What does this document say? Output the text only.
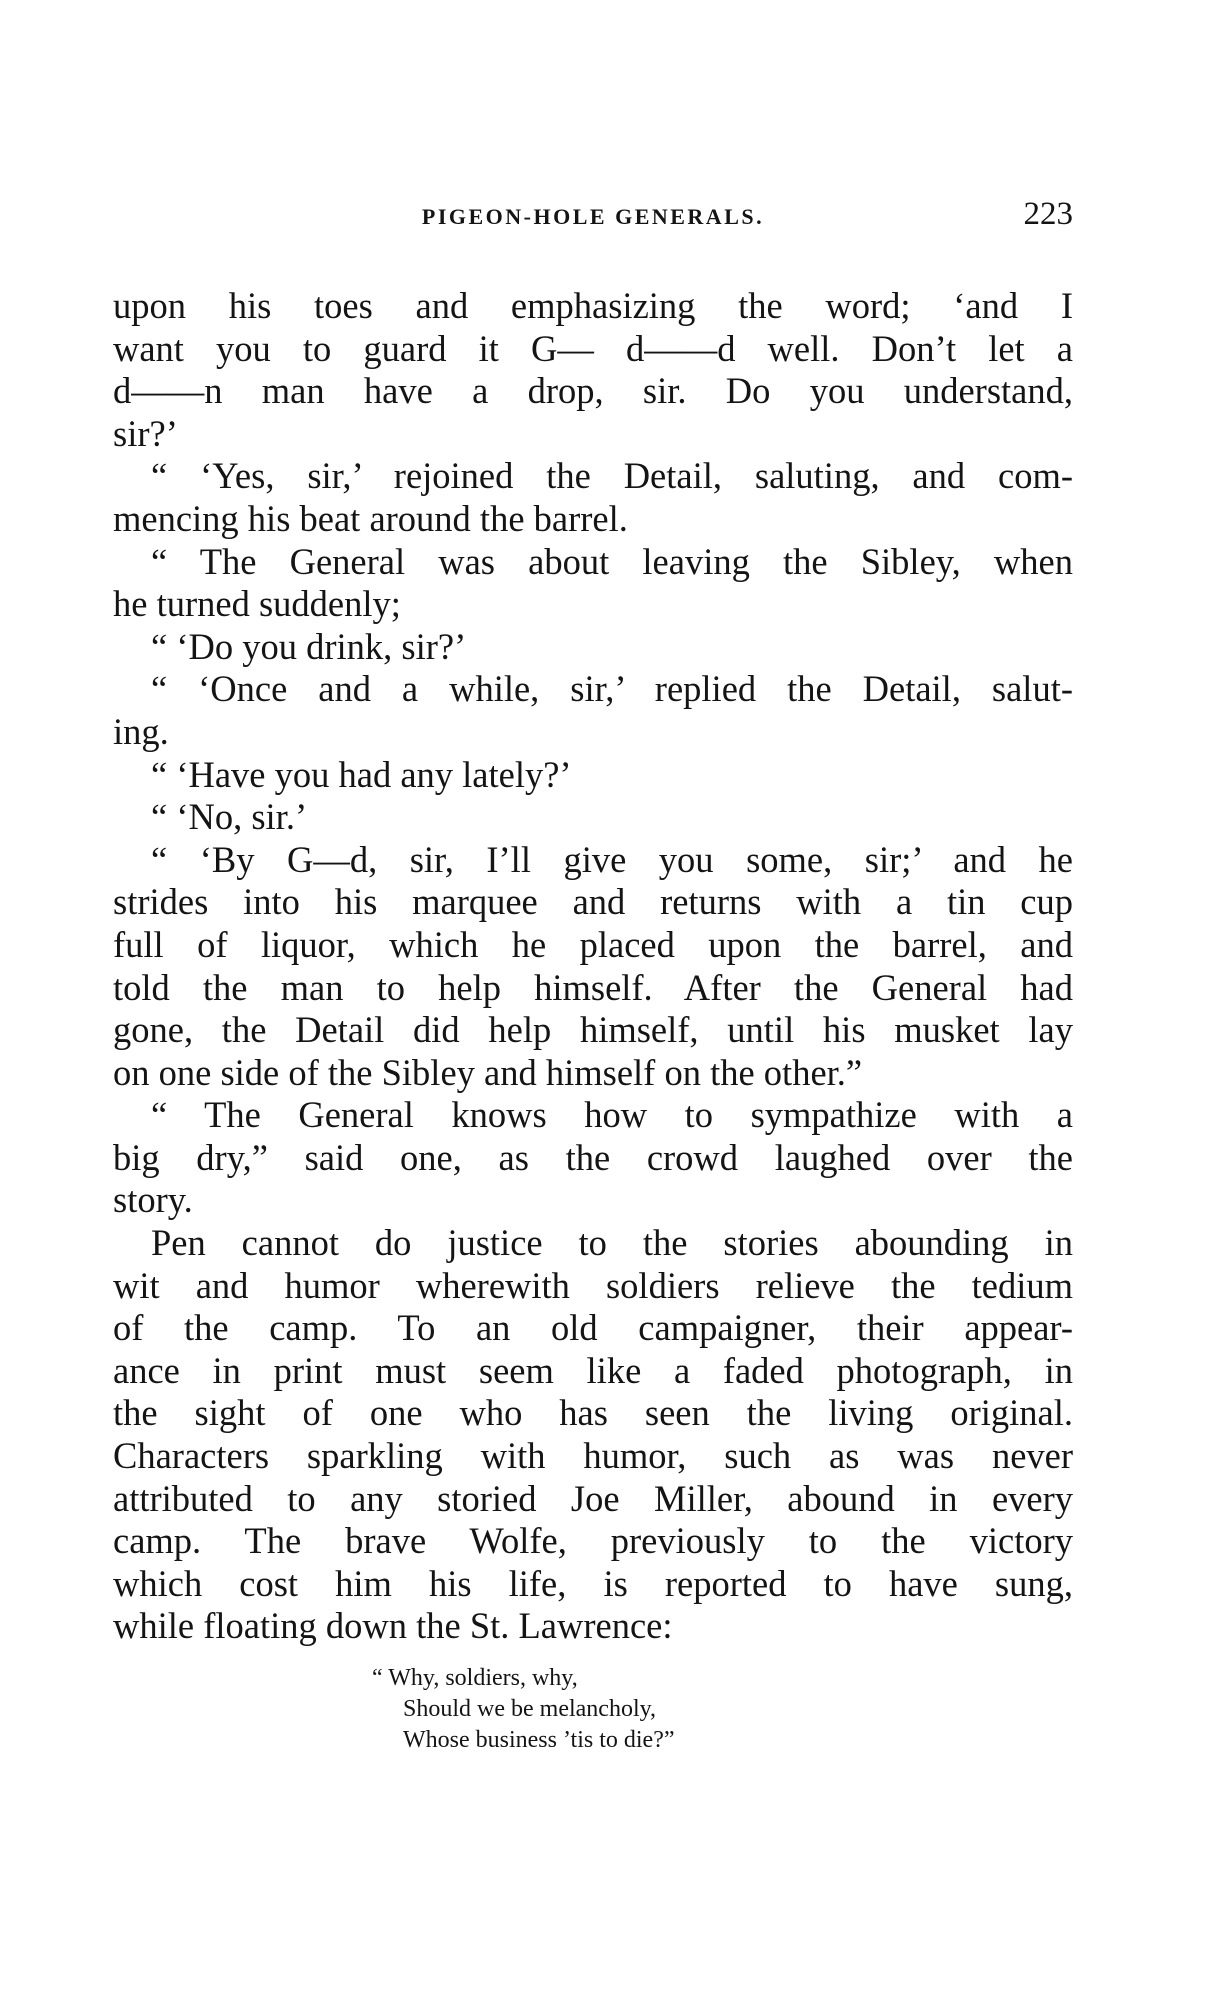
PIGEON-HOLE GENERALS.	223
upon his toes and emphasizing the word; ‘and I
want you to guard it G— d——d well. Don’t let a
d——n man have a drop, sir. Do you understand,
sir?’
“ ‘Yes, sir,’ rejoined the Detail, saluting, and com-
mencing his beat around the barrel.
“ The General was about leaving the Sibley, when
he turned suddenly;
“ ‘Do you drink, sir?’
“ ‘Once and a while, sir,’ replied the Detail, salut-
ing.
“ ‘Have you had any lately?’
“ ‘No, sir.’
“ ‘By G—d, sir, I’ll give you some, sir;’ and he
strides into his marquee and returns with a tin cup
full of liquor, which he placed upon the barrel, and
told the man to help himself. After the General had
gone, the Detail did help himself, until his musket lay
on one side of the Sibley and himself on the other.”
“ The General knows how to sympathize with a
big dry,” said one, as the crowd laughed over the
story.
Pen cannot do justice to the stories abounding in
wit and humor wherewith soldiers relieve the tedium
of the camp. To an old campaigner, their appear-
ance in print must seem like a faded photograph, in
the sight of one who has seen the living original.
Characters sparkling with humor, such as was never
attributed to any storied Joe Miller, abound in every
camp. The brave Wolfe, previously to the victory
which cost him his life, is reported to have sung,
while floating down the St. Lawrence:
“ Why, soldiers, why,
Should we be melancholy,
Whose business ’tis to die?”
